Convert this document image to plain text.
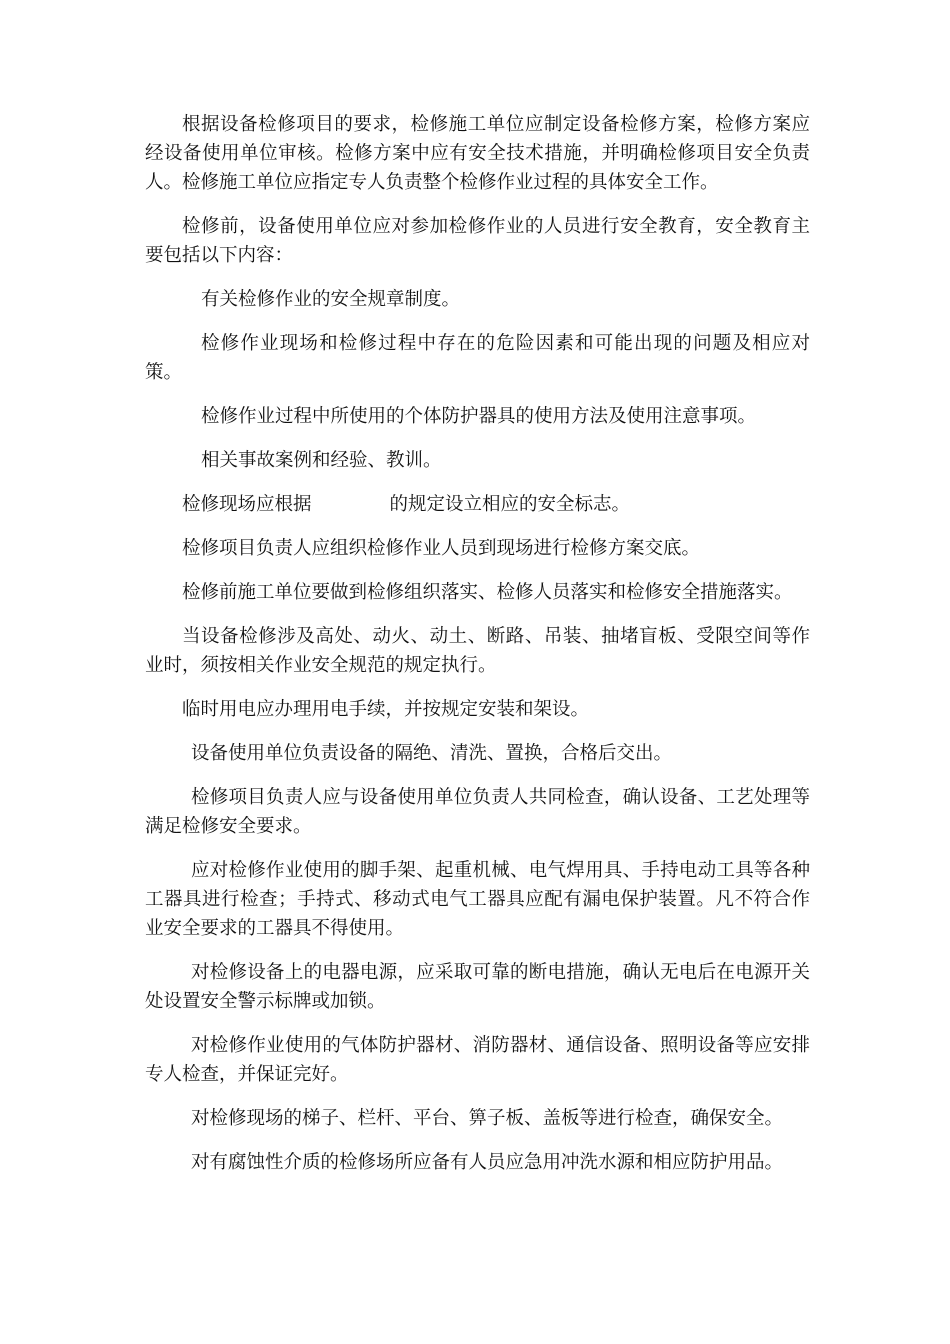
根据设备检修项目的要求，检修施工单位应制定设备检修方案，检修方案应经设备使用单位审核。检修方案中应有安全技术措施，并明确检修项目安全负责人。检修施工单位应指定专人负责整个检修作业过程的具体安全工作。

检修前，设备使用单位应对参加检修作业的人员进行安全教育，安全教育主要包括以下内容：

有关检修作业的安全规章制度。

检修作业现场和检修过程中存在的危险因素和可能出现的问题及相应对策。

检修作业过程中所使用的个体防护器具的使用方法及使用注意事项。

相关事故案例和经验、教训。

检修现场应根据	的规定设立相应的安全标志。

检修项目负责人应组织检修作业人员到现场进行检修方案交底。

检修前施工单位要做到检修组织落实、检修人员落实和检修安全措施落实。

当设备检修涉及高处、动火、动土、断路、吊装、抽堵盲板、受限空间等作业时，须按相关作业安全规范的规定执行。

临时用电应办理用电手续，并按规定安装和架设。

设备使用单位负责设备的隔绝、清洗、置换，合格后交出。

检修项目负责人应与设备使用单位负责人共同检查，确认设备、工艺处理等满足检修安全要求。

应对检修作业使用的脚手架、起重机械、电气焊用具、手持电动工具等各种工器具进行检查；手持式、移动式电气工器具应配有漏电保护装置。凡不符合作业安全要求的工器具不得使用。

对检修设备上的电器电源，应采取可靠的断电措施，确认无电后在电源开关处设置安全警示标牌或加锁。

对检修作业使用的气体防护器材、消防器材、通信设备、照明设备等应安排专人检查，并保证完好。

对检修现场的梯子、栏杆、平台、箅子板、盖板等进行检查，确保安全。

对有腐蚀性介质的检修场所应备有人员应急用冲洗水源和相应防护用品。
